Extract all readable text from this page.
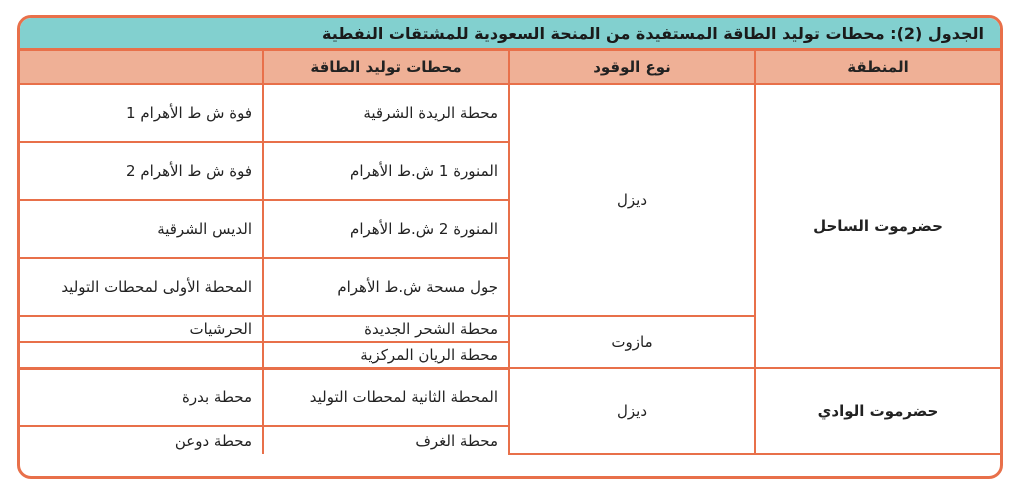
الجدول (2): محطات توليد الطاقة المستفيدة من المنحة السعودية للمشتقات النفطية
المنطقة	نوع الوقود	محطات توليد الطاقة	
حضرموت الساحل	ديزل	محطة الريدة الشرقية	فوة ش ط الأهرام 1
		المنورة 1 ش.ط الأهرام	فوة ش ط الأهرام 2
		المنورة 2 ش.ط الأهرام	الديس الشرقية
		جول مسحة ش.ط الأهرام	المحطة الأولى لمحطات التوليد
	مازوت	محطة الشحر الجديدة	الحرشيات
		محطة الريان المركزية	
حضرموت الوادي	ديزل	المحطة الثانية لمحطات التوليد	محطة بدرة
		محطة الغرف	محطة دوعن
